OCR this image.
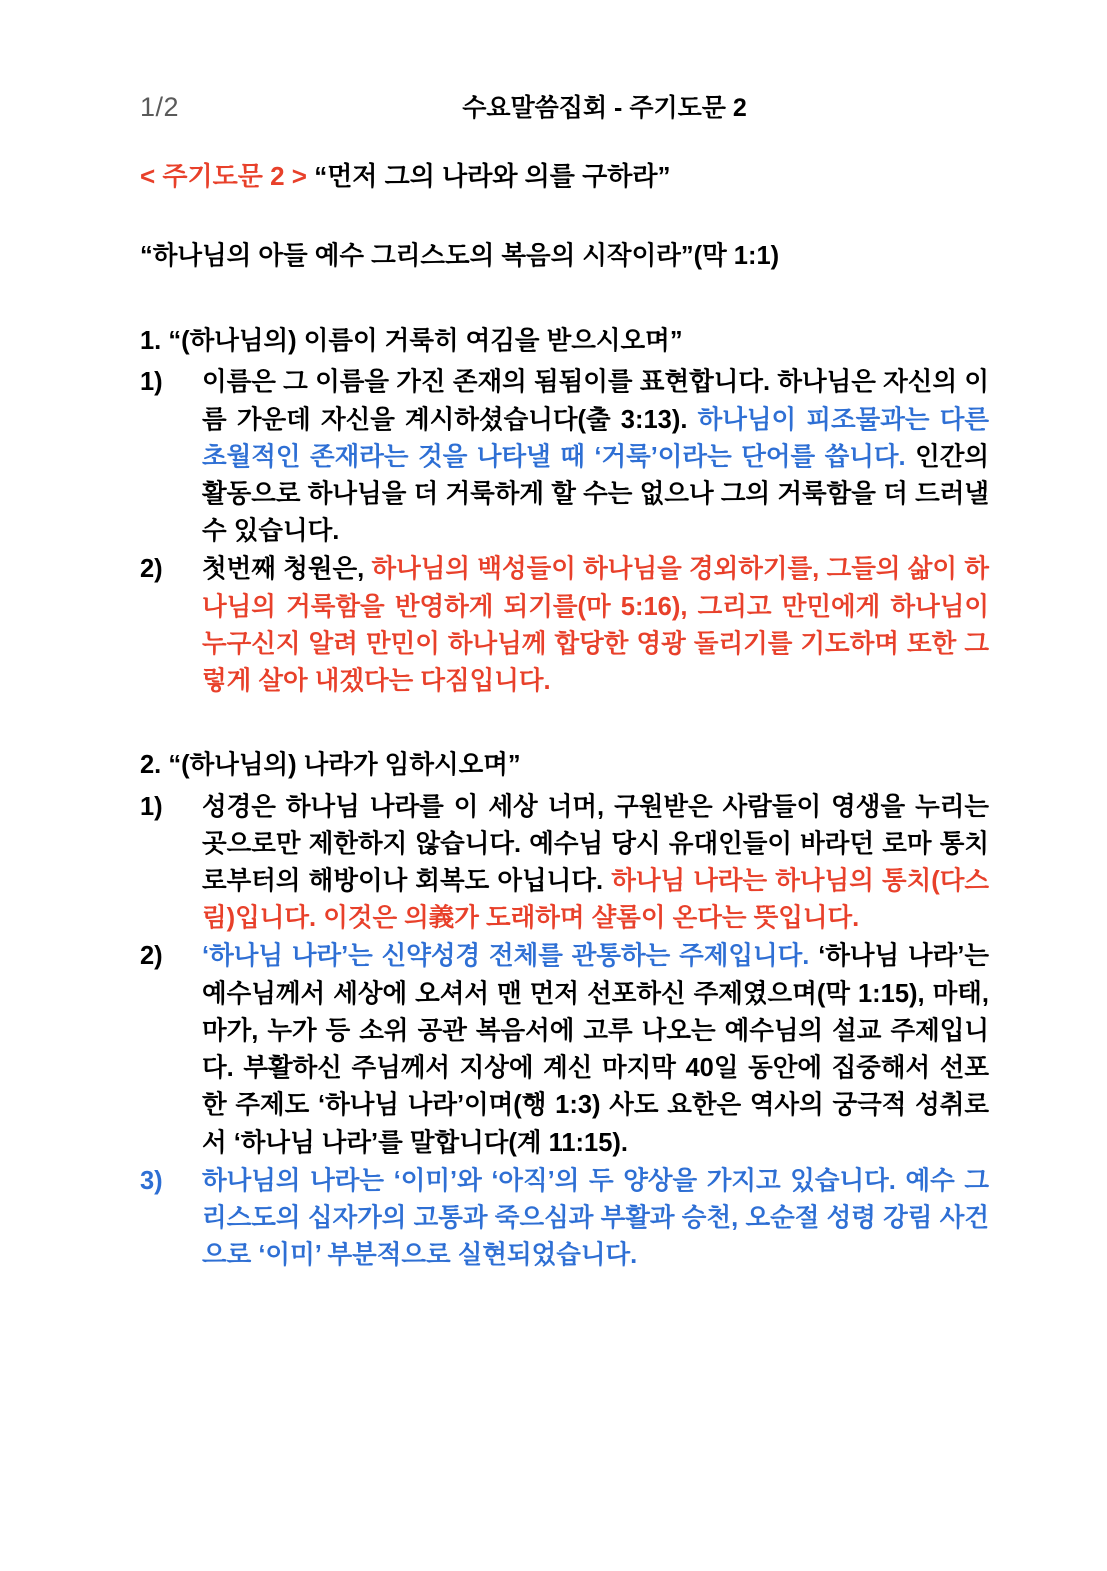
1/2	수요말씀집회 - 주기도문 2

< 주기도문 2 > “먼저 그의 나라와 의를 구하라”

“하나님의 아들 예수 그리스도의 복음의 시작이라”(막 1:1)

1. “(하나님의) 이름이 거룩히 여김을 받으시오며”

1)	이름은 그 이름을 가진 존재의 됨됨이를 표현합니다. 하나님은 자신의 이름 가운데 자신을 계시하셨습니다(출 3:13). 하나님이 피조물과는 다른 초월적인 존재라는 것을 나타낼 때 ‘거룩’이라는 단어를 씁니다. 인간의 활동으로 하나님을 더 거룩하게 할 수는 없으나 그의 거룩함을 더 드러낼 수 있습니다.
2)	첫번째 청원은, 하나님의 백성들이 하나님을 경외하기를, 그들의 삶이 하나님의 거룩함을 반영하게 되기를(마 5:16), 그리고 만민에게 하나님이 누구신지 알려 만민이 하나님께 합당한 영광 돌리기를 기도하며 또한 그렇게 살아 내겠다는 다짐입니다.

2. “(하나님의) 나라가 임하시오며”

1)	성경은 하나님 나라를 이 세상 너머, 구원받은 사람들이 영생을 누리는 곳으로만 제한하지 않습니다. 예수님 당시 유대인들이 바라던 로마 통치로부터의 해방이나 회복도 아닙니다. 하나님 나라는 하나님의 통치(다스림)입니다. 이것은 의義가 도래하며 샬롬이 온다는 뜻입니다.
2)	‘하나님 나라’는 신약성경 전체를 관통하는 주제입니다. ‘하나님 나라’는 예수님께서 세상에 오셔서 맨 먼저 선포하신 주제였으며(막 1:15), 마태, 마가, 누가 등 소위 공관 복음서에 고루 나오는 예수님의 설교 주제입니다. 부활하신 주님께서 지상에 계신 마지막 40일 동안에 집중해서 선포한 주제도 ‘하나님 나라’이며(행 1:3) 사도 요한은 역사의 궁극적 성취로서 ‘하나님 나라’를 말합니다(계 11:15).
3)	하나님의 나라는 ‘이미’와 ‘아직’의 두 양상을 가지고 있습니다. 예수 그리스도의 십자가의 고통과 죽으심과 부활과 승천, 오순절 성령 강림 사건으로 ‘이미’ 부분적으로 실현되었습니다.
